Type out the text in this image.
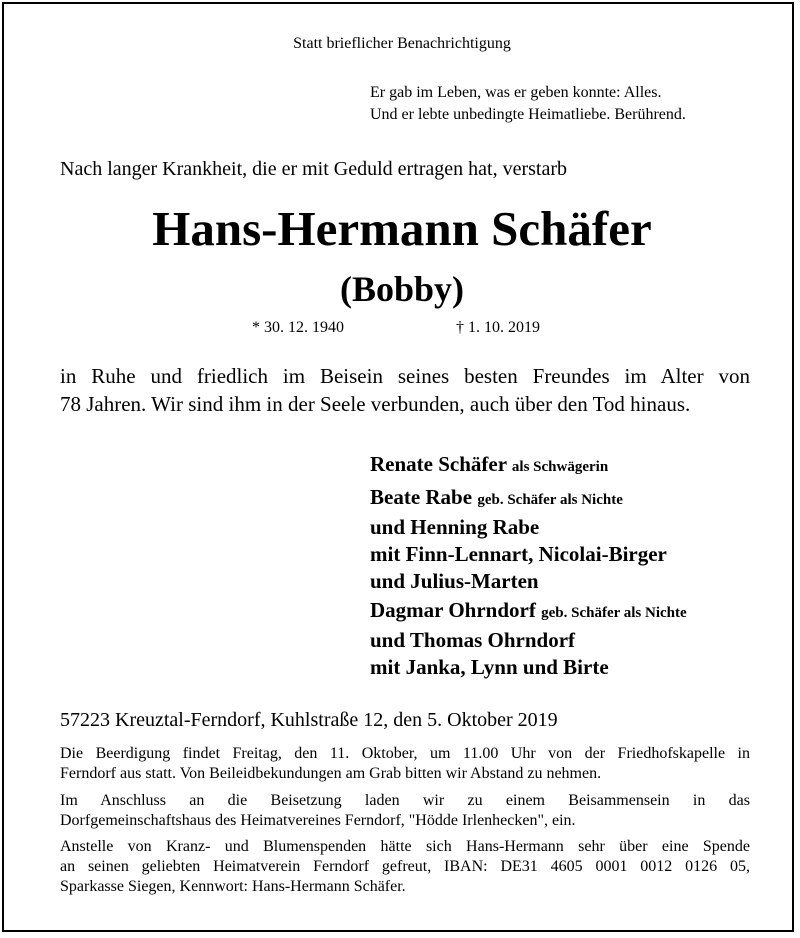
Statt brieflicher Benachrichtigung
Er gab im Leben, was er geben konnte: Alles.
Und er lebte unbedingte Heimatliebe. Berührend.
Nach langer Krankheit, die er mit Geduld ertragen hat, verstarb
Hans-Hermann Schäfer
(Bobby)
* 30. 12. 1940	† 1. 10. 2019
in Ruhe und friedlich im Beisein seines besten Freundes im Alter von
78 Jahren. Wir sind ihm in der Seele verbunden, auch über den Tod hinaus.
Renate Schäfer als Schwägerin
Beate Rabe geb. Schäfer als Nichte
und Henning Rabe
mit Finn-Lennart, Nicolai-Birger
und Julius-Marten
Dagmar Ohrndorf geb. Schäfer als Nichte
und Thomas Ohrndorf
mit Janka, Lynn und Birte
57223 Kreuztal-Ferndorf, Kuhlstraße 12, den 5. Oktober 2019
Die Beerdigung findet Freitag, den 11. Oktober, um 11.00 Uhr von der Friedhofskapelle in
Ferndorf aus statt. Von Beileidbekundungen am Grab bitten wir Abstand zu nehmen.
Im Anschluss an die Beisetzung laden wir zu einem Beisammensein in das
Dorfgemeinschaftshaus des Heimatvereines Ferndorf, "Hödde Irlenhecken", ein.
Anstelle von Kranz- und Blumenspenden hätte sich Hans-Hermann sehr über eine Spende
an seinen geliebten Heimatverein Ferndorf gefreut, IBAN: DE31 4605 0001 0012 0126 05,
Sparkasse Siegen, Kennwort: Hans-Hermann Schäfer.
